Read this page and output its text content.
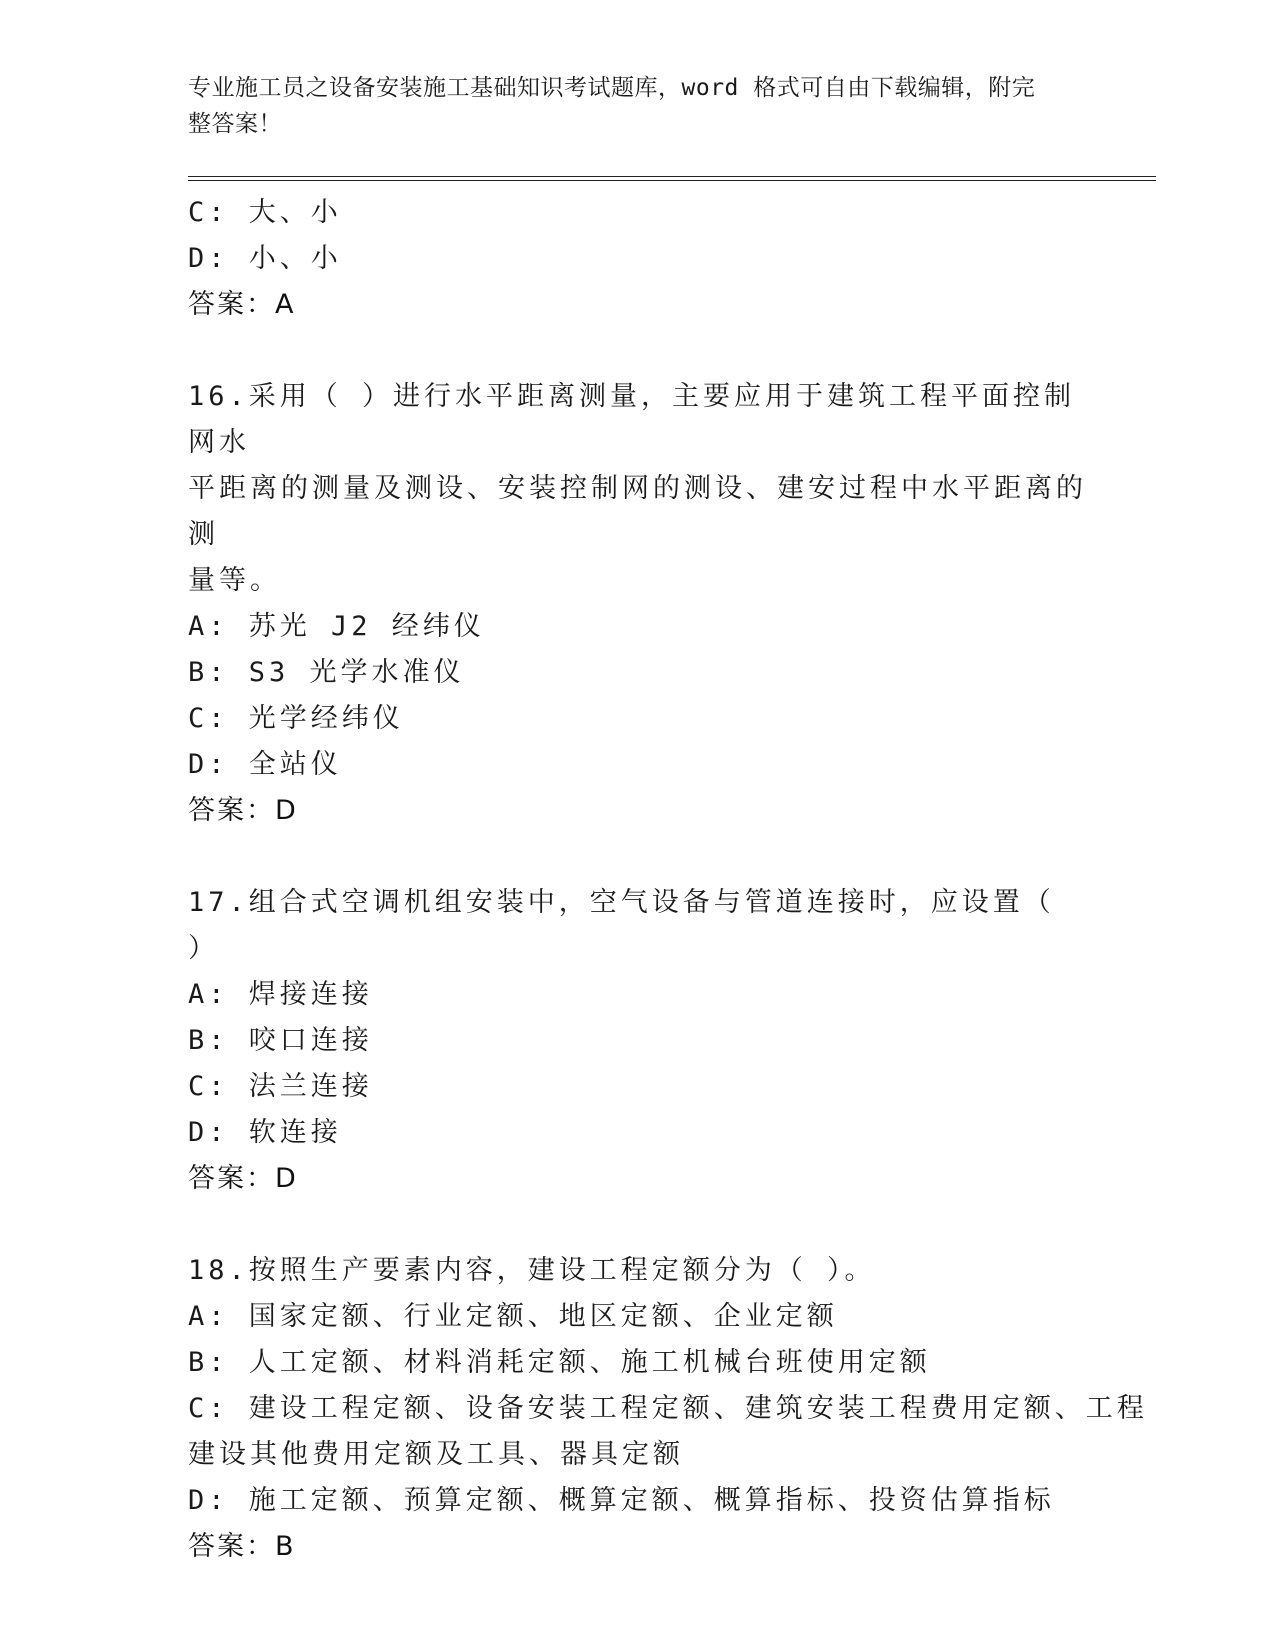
专业施工员之设备安装施工基础知识考试题库，word 格式可自由下载编辑，附完
整答案！
C: 大、小
D: 小、小
答案：A
16.采用（ ）进行水平距离测量，主要应用于建筑工程平面控制网水
平距离的测量及测设、安装控制网的测设、建安过程中水平距离的测
量等。
A: 苏光 J2 经纬仪
B: S3 光学水准仪
C: 光学经纬仪
D: 全站仪
答案：D
17.组合式空调机组安装中，空气设备与管道连接时，应设置（ ）
A: 焊接连接
B: 咬口连接
C: 法兰连接
D: 软连接
答案：D
18.按照生产要素内容，建设工程定额分为（ ）。
A: 国家定额、行业定额、地区定额、企业定额
B: 人工定额、材料消耗定额、施工机械台班使用定额
C: 建设工程定额、设备安装工程定额、建筑安装工程费用定额、工程
建设其他费用定额及工具、器具定额
D: 施工定额、预算定额、概算定额、概算指标、投资估算指标
答案：B
